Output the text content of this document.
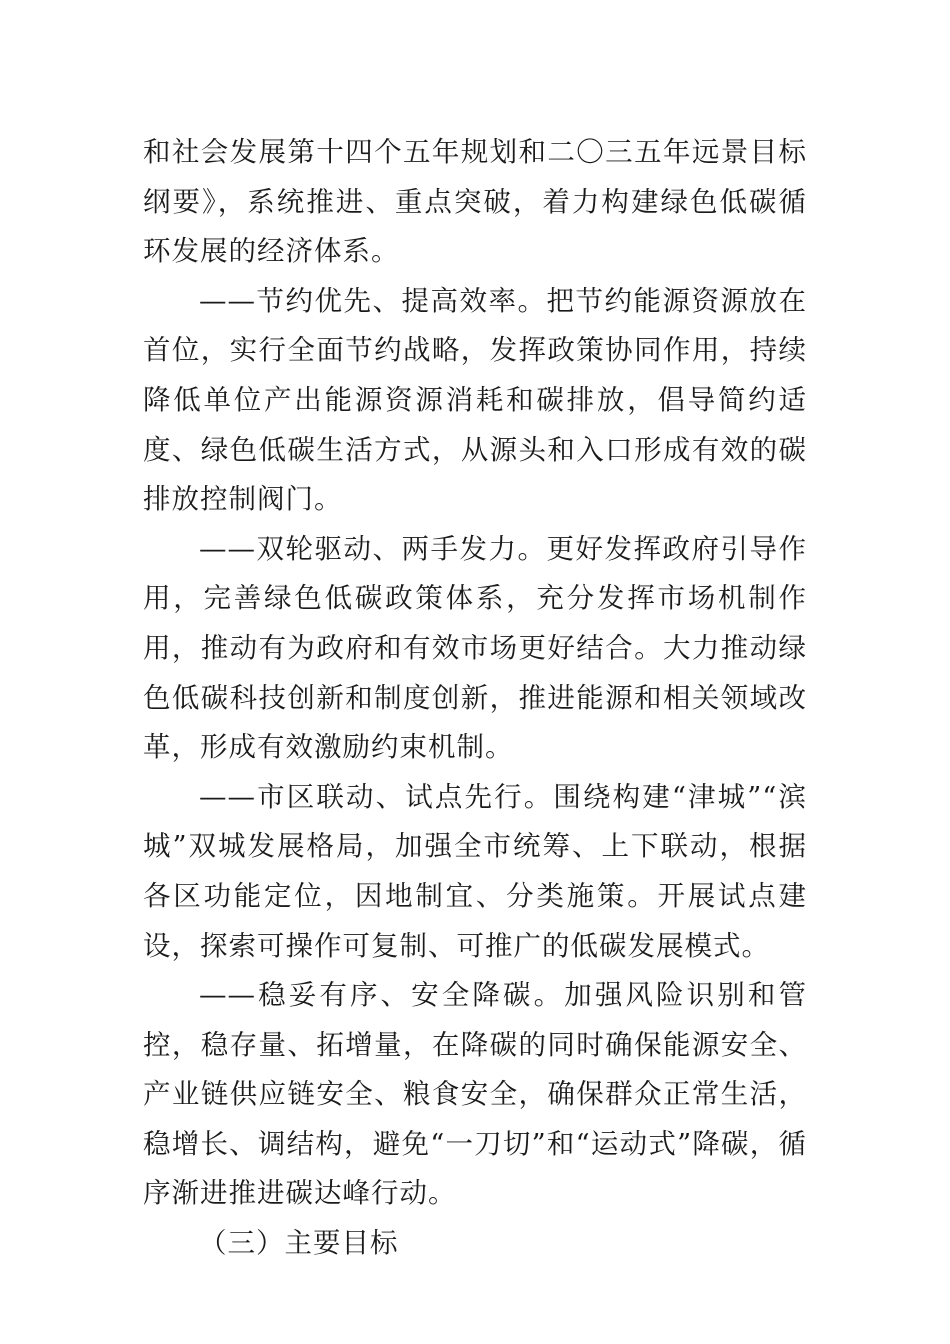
和社会发展第十四个五年规划和二〇三五年远景目标纲要》，系统推进、重点突破，着力构建绿色低碳循环发展的经济体系。

——节约优先、提高效率。把节约能源资源放在首位，实行全面节约战略，发挥政策协同作用，持续降低单位产出能源资源消耗和碳排放，倡导简约适度、绿色低碳生活方式，从源头和入口形成有效的碳排放控制阀门。

——双轮驱动、两手发力。更好发挥政府引导作用，完善绿色低碳政策体系，充分发挥市场机制作用，推动有为政府和有效市场更好结合。大力推动绿色低碳科技创新和制度创新，推进能源和相关领域改革，形成有效激励约束机制。

——市区联动、试点先行。围绕构建“津城”“滨城”双城发展格局，加强全市统筹、上下联动，根据各区功能定位，因地制宜、分类施策。开展试点建设，探索可操作可复制、可推广的低碳发展模式。

——稳妥有序、安全降碳。加强风险识别和管控，稳存量、拓增量，在降碳的同时确保能源安全、产业链供应链安全、粮食安全，确保群众正常生活，稳增长、调结构，避免“一刀切”和“运动式”降碳，循序渐进推进碳达峰行动。

（三）主要目标
